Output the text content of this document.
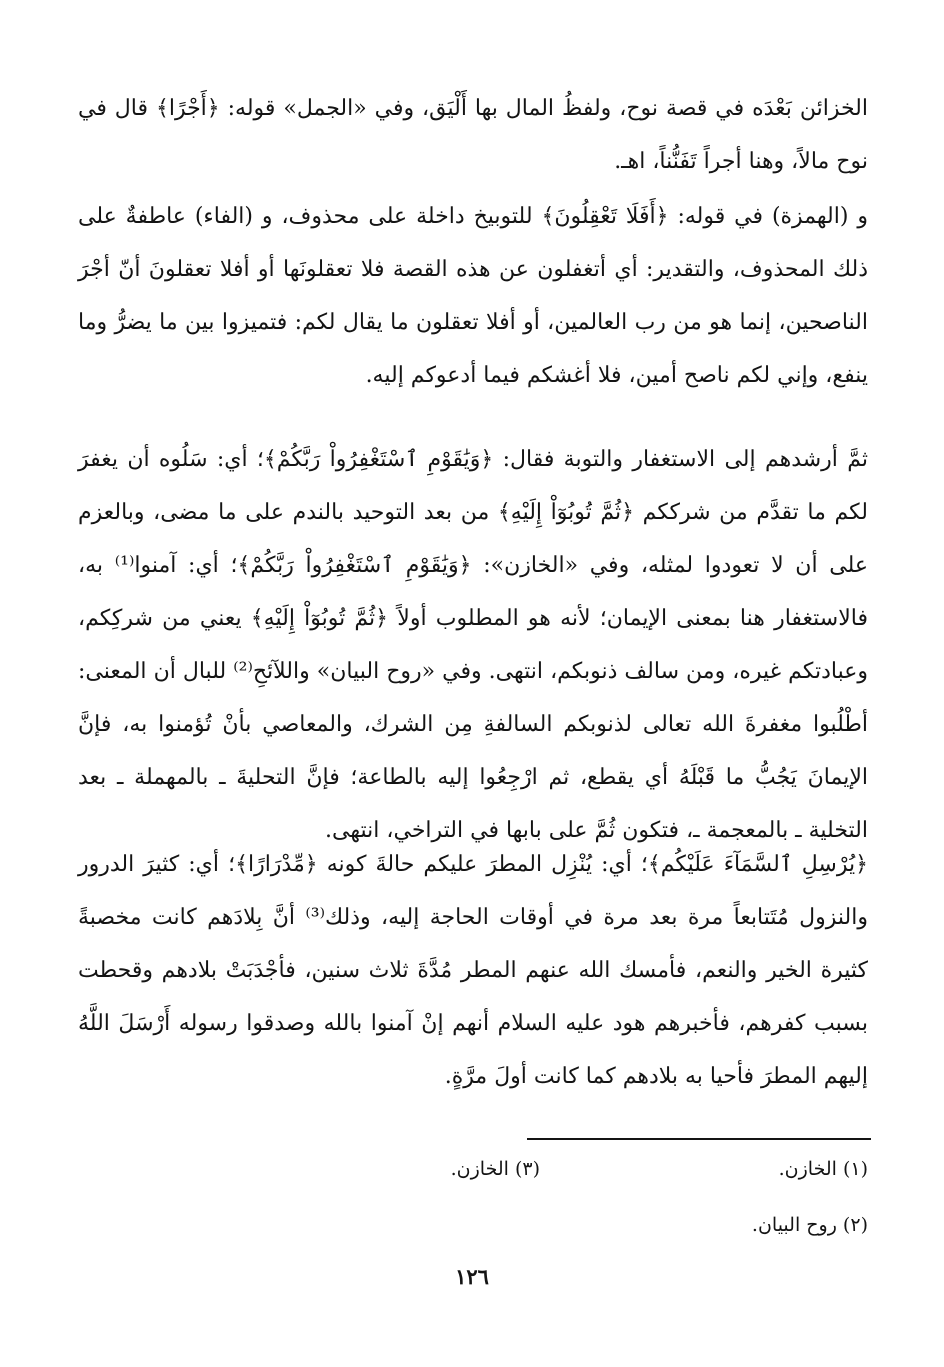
الخزائن بَعْدَه في قصة نوح، ولفظُ المال بها أَلْيَق، وفي «الجمل» قوله: ﴿أَجْرًا﴾ قال في نوح مالاً، وهنا أجراً تَفَنُّناً، اهـ.

و (الهمزة) في قوله: ﴿أَفَلَا تَعْقِلُونَ﴾ للتوبيخ داخلة على محذوف، و (الفاء) عاطفةٌ على ذلك المحذوف، والتقدير: أي أتغفلون عن هذه القصة فلا تعقلونَها أو أفلا تعقلونَ أنّ أجْرَ الناصحين، إنما هو من رب العالمين، أو أفلا تعقلون ما يقال لكم: فتميزوا بين ما يضرُّ وما ينفع، وإني لكم ناصح أمين، فلا أغشكم فيما أدعوكم إليه.

ثمَّ أرشدهم إلى الاستغفار والتوبة فقال: ﴿وَيَٰقَوْمِ ٱسْتَغْفِرُواْ رَبَّكُمْ﴾؛ أي: سَلُوه أن يغفرَ لكم ما تقدَّم من شرككم ﴿ثُمَّ تُوبُوٓاْ إِلَيْهِ﴾ من بعد التوحيد بالندم على ما مضى، وبالعزم على أن لا تعودوا لمثله، وفي «الخازن»: ﴿وَيَٰقَوْمِ ٱسْتَغْفِرُواْ رَبَّكُمْ﴾؛ أي: آمنوا⁽¹⁾ به، فالاستغفار هنا بمعنى الإيمان؛ لأنه هو المطلوب أولاً ﴿ثُمَّ تُوبُوٓاْ إِلَيْهِ﴾ يعني من شركِكم، وعبادتكم غيره، ومن سالف ذنوبكم، انتهى. وفي «روح البيان» واللآئحِ⁽²⁾ للبال أن المعنى: أطْلُبوا مغفرةَ الله تعالى لذنوبكم السالفةِ مِن الشرك، والمعاصي بأنْ تُؤمنوا به، فإنَّ الإيمانَ يَجُبُّ ما قَبْلَهُ أي يقطع، ثم ارْجِعُوا إليه بالطاعة؛ فإنَّ التحليةَ ـ بالمهملة ـ بعد التخلية ـ بالمعجمة ـ، فتكون ثُمَّ على بابها في التراخي، انتهى.

﴿يُرْسِلِ ٱلسَّمَآءَ عَلَيْكُم﴾؛ أي: يُنْزِل المطرَ عليكم حالةَ كونه ﴿مِّدْرَارًا﴾؛ أي: كثيرَ الدرور والنزول مُتَتابعاً مرة بعد مرة في أوقات الحاجة إليه، وذلك⁽³⁾ أنَّ بِلادَهم كانت مخصبةً كثيرة الخير والنعم، فأمسك الله عنهم المطر مُدَّةَ ثلاث سنين، فأجْدَبَتْ بلادهم وقحطت بسبب كفرهم، فأخبرهم هود عليه السلام أنهم إنْ آمنوا بالله وصدقوا رسوله أَرْسَلَ اللَّهُ إليهم المطرَ فأحيا به بلادهم كما كانت أولَ مرَّةٍ.

(١) الخازن.
(٣) الخازن.
(٢) روح البيان.
١٢٦
